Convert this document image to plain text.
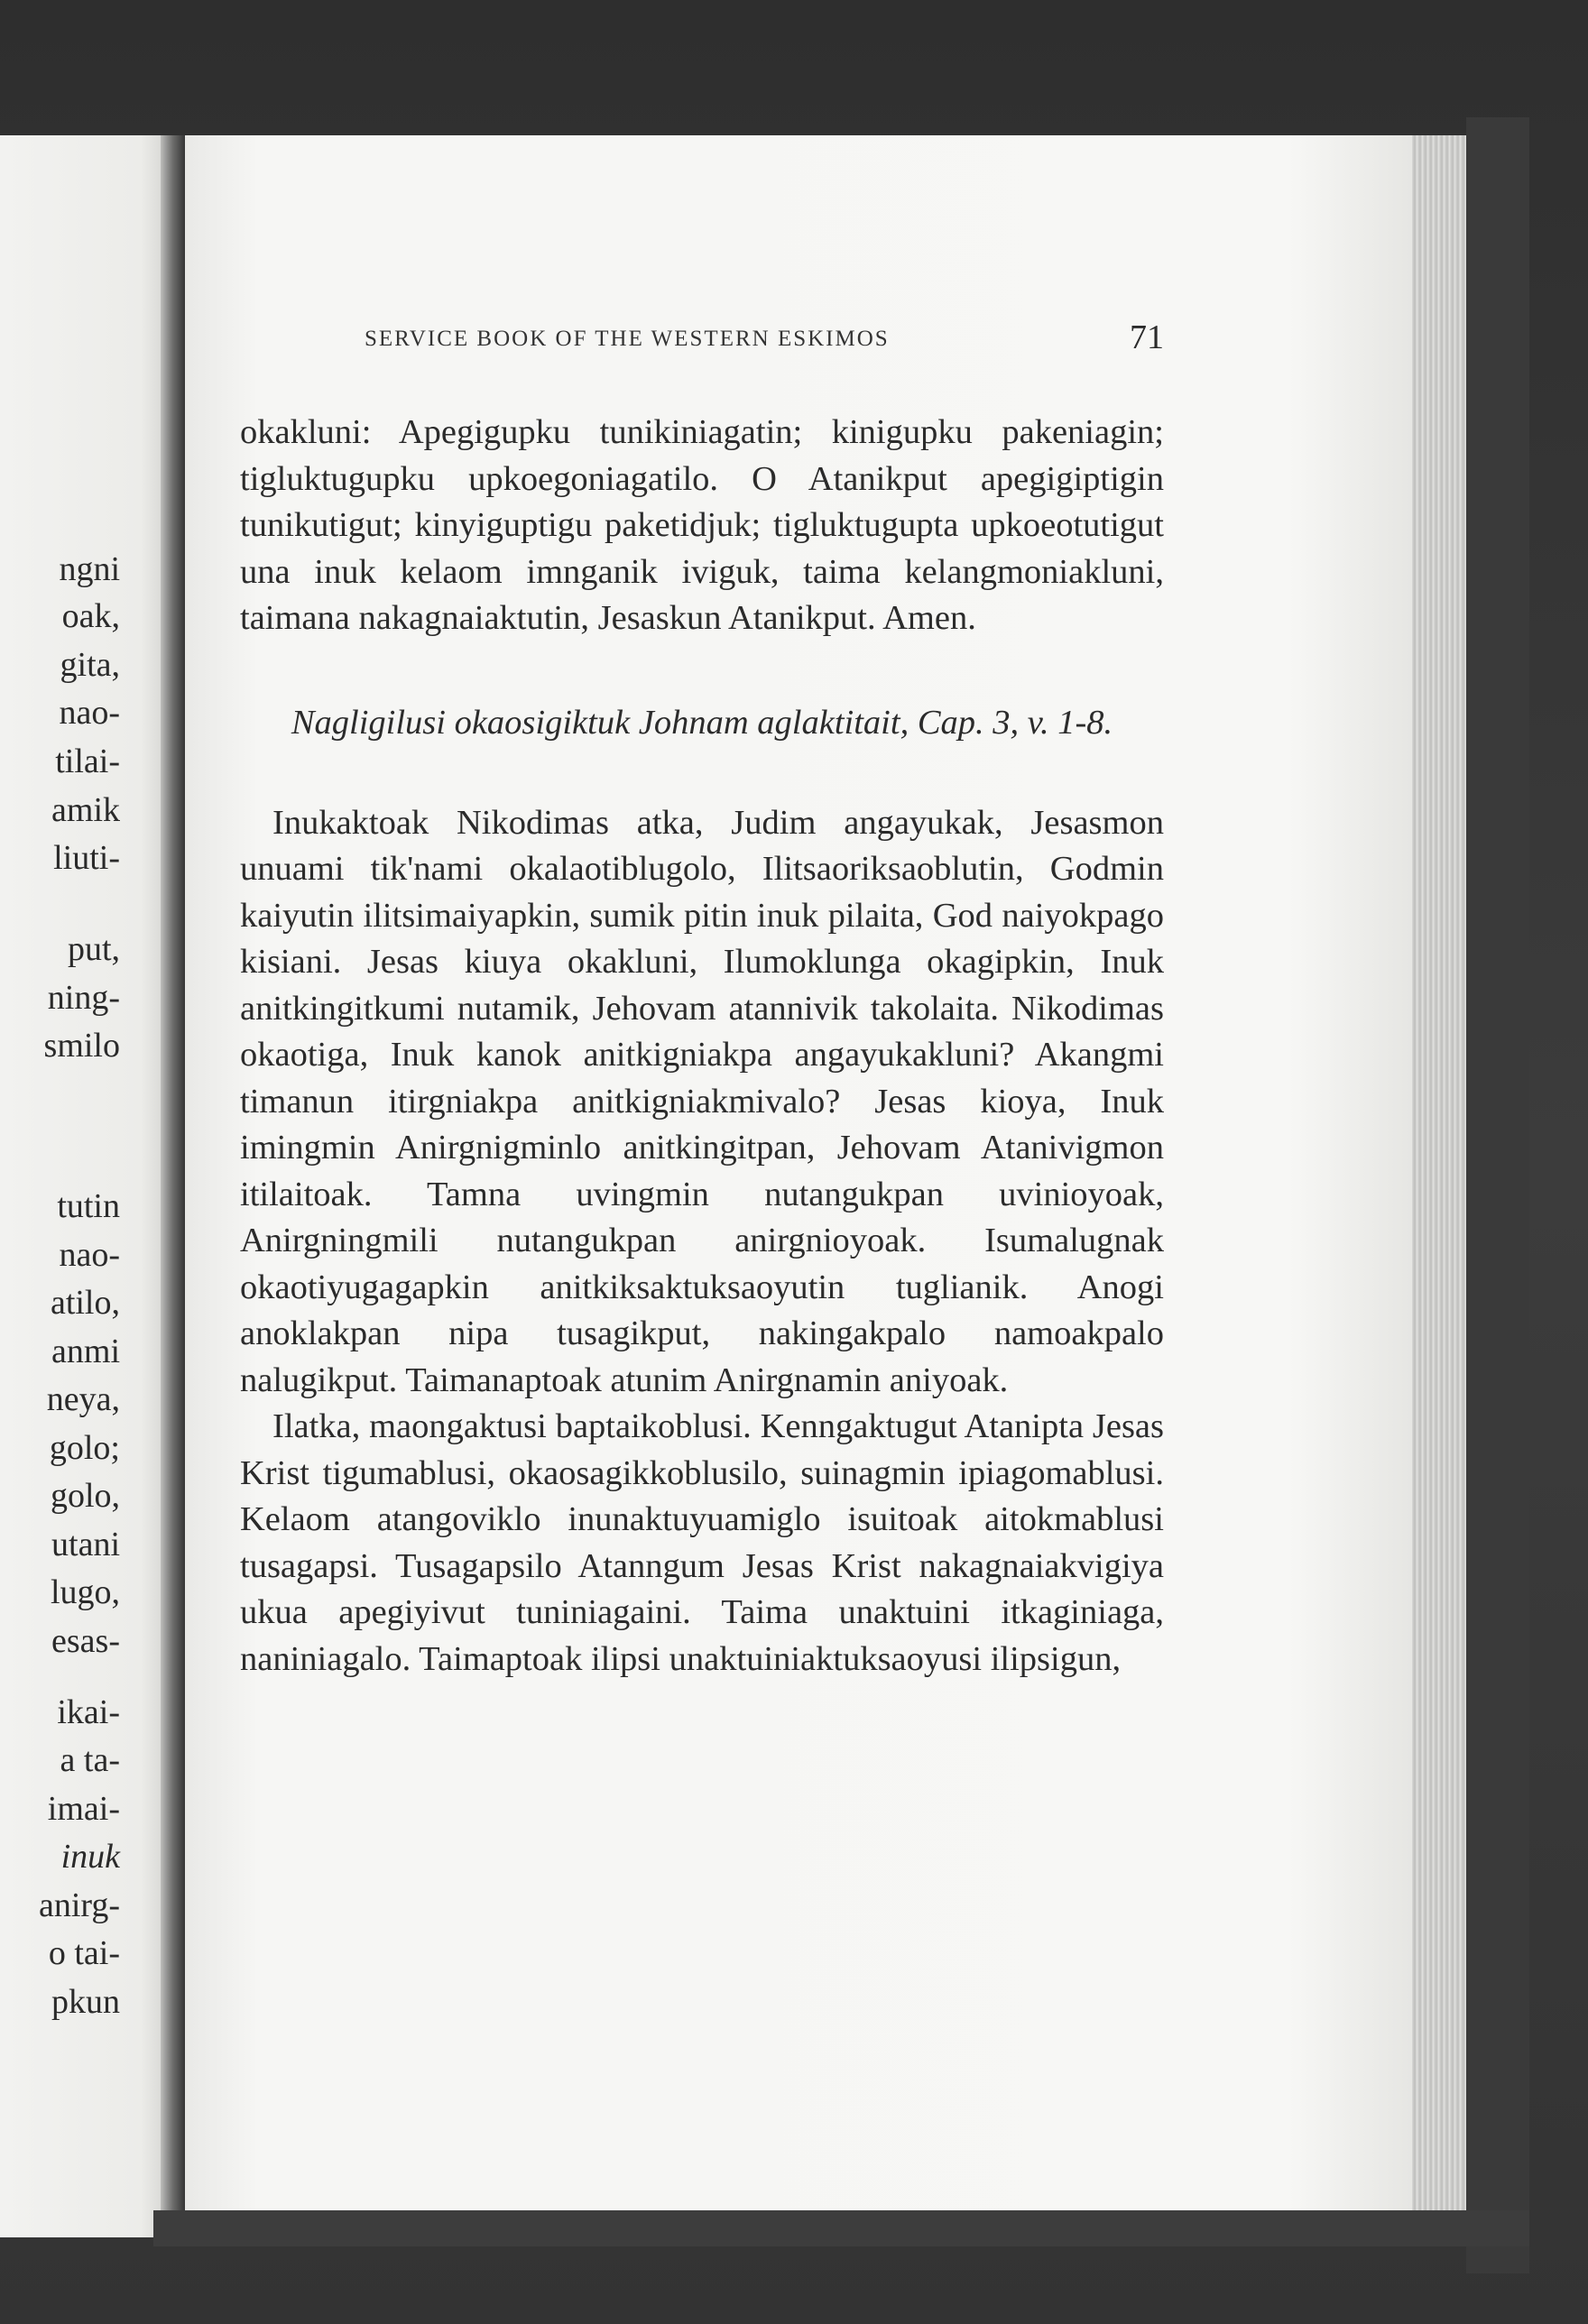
ngni
oak,
gita,
nao-
tilai-
amik
liuti-
put,
ning-
smilo
tutin
nao-
atilo,
anmi
neya,
golo;
golo,
utani
lugo,
esas-
ikai-
a ta-
imai-
inuk
anirg-
o tai-
pkun
SERVICE BOOK OF THE WESTERN ESKIMOS	71

okakluni: Apegigupku tunikiniagatin; kinigupku pakeniagin; tigluktugupku upkoegoniagatilo. O Atanikput apegigiptigin tunikutigut; kinyiguptigu paketidjuk; tigluktugupta upkoeotutigut una inuk kelaom imnganik iviguk, taima kelangmoniakluni, taimana nakagnaiaktutin, Jesaskun Atanikput. Amen.

Nagligilusi okaosigiktuk Johnam aglaktitait, Cap. 3, v. 1-8.

Inukaktoak Nikodimas atka, Judim angayukak, Jesasmon unuami tik'nami okalaotiblugolo, Ilitsaoriksaoblutin, Godmin kaiyutin ilitsimaiyapkin, sumik pitin inuk pilaita, God naiyokpago kisiani. Jesas kiuya okakluni, Ilumoklunga okagipkin, Inuk anitkingitkumi nutamik, Jehovam atannivik takolaita. Nikodimas okaotiga, Inuk kanok anitkigniakpa angayukakluni? Akangmi timanun itirgniakpa anitkigniakmivalo? Jesas kioya, Inuk imingmin Anirgnigminlo anitkingitpan, Jehovam Atanivigmon itilaitoak. Tamna uvingmin nutangukpan uvinioyoak, Anirgningmili nutangukpan anirgnioyoak. Isumalugnak okaotiyugagapkin anitkiksaktuksaoyutin tuglianik. Anogi anoklakpan nipa tusagikput, nakingakpalo namoakpalo nalugikput. Taimanaptoak atunim Anirgnamin aniyoak.

Ilatka, maongaktusi baptaikoblusi. Kenngaktugut Atanipta Jesas Krist tigumablusi, okaosagikkoblusilo, suinagmin ipiagomablusi. Kelaom atangoviklo inunaktuyuamiglo isuitoak aitokmablusi tusagapsi. Tusagapsilo Atanngum Jesas Krist nakagnaiakvigiya ukua apegiyivut tuniniagaini. Taima unaktuini itkaginiaga, naniniagalo. Taimaptoak ilipsi unaktuiniaktuksaoyusi ilipsigun,
